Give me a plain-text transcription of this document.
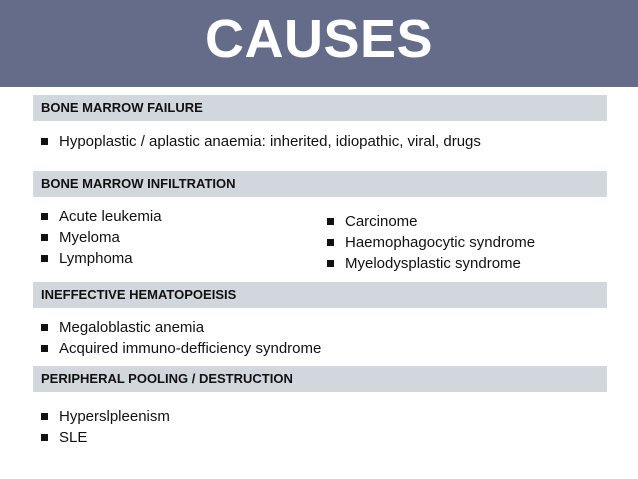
CAUSES
BONE MARROW FAILURE
Hypoplastic / aplastic anaemia: inherited, idiopathic, viral, drugs
BONE MARROW INFILTRATION
Acute leukemia
Myeloma
Lymphoma
Carcinome
Haemophagocytic syndrome
Myelodysplastic syndrome
INEFFECTIVE HEMATOPOEISIS
Megaloblastic anemia
Acquired immuno-defficiency syndrome
PERIPHERAL POOLING / DESTRUCTION
Hyperslpleenism
SLE
